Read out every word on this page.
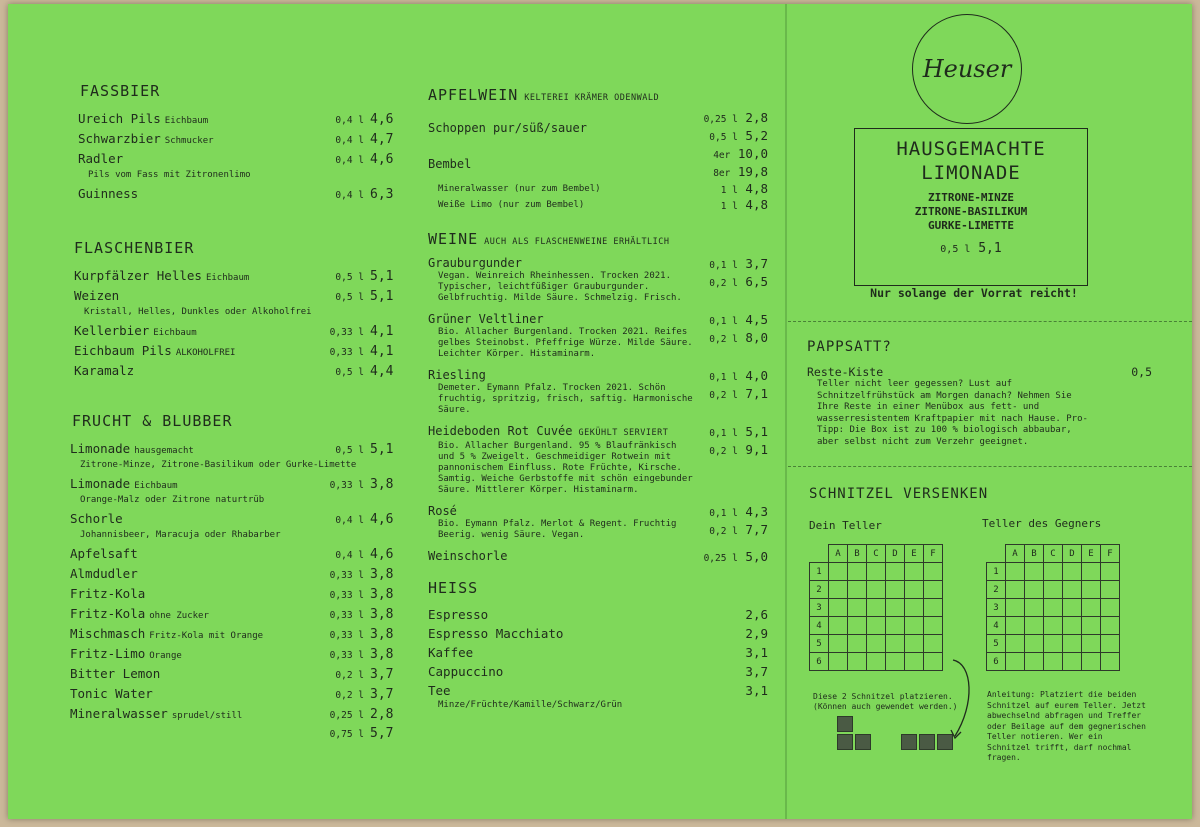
FASSBIER
Ureich Pils Eichbaum	0,4 l 4,6
Schwarzbier Schmucker	0,4 l 4,7
Radler	0,4 l 4,6
Pils vom Fass mit Zitronenlimo
Guinness	0,4 l 6,3
FLASCHENBIER
Kurpfälzer Helles Eichbaum	0,5 l 5,1
Weizen	0,5 l 5,1
Kristall, Helles, Dunkles oder Alkoholfrei
Kellerbier Eichbaum	0,33 l 4,1
Eichbaum Pils ALKOHOLFREI	0,33 l 4,1
Karamalz	0,5 l 4,4
FRUCHT & BLUBBER
Limonade hausgemacht	0,5 l 5,1
Zitrone-Minze, Zitrone-Basilikum oder Gurke-Limette
Limonade Eichbaum	0,33 l 3,8
Orange-Malz oder Zitrone naturtrüb
Schorle	0,4 l 4,6
Johannisbeer, Maracuja oder Rhabarber
Apfelsaft	0,4 l 4,6
Almdudler	0,33 l 3,8
Fritz-Kola	0,33 l 3,8
Fritz-Kola ohne Zucker	0,33 l 3,8
Mischmasch Fritz-Kola mit Orange	0,33 l 3,8
Fritz-Limo Orange	0,33 l 3,8
Bitter Lemon	0,2 l 3,7
Tonic Water	0,2 l 3,7
Mineralwasser sprudel/still	0,25 l 2,8
0,75 l 5,7
APFELWEIN KELTEREI KRÄMER ODENWALD
Schoppen pur/süß/sauer
0,25 l 2,8
0,5 l 5,2
Bembel
4er 10,0
8er 19,8
Mineralwasser (nur zum Bembel)	1 l 4,8
Weiße Limo (nur zum Bembel)	1 l 4,8
WEINE AUCH ALS FLASCHENWEINE ERHÄLTLICH
Grauburgunder
Vegan. Weinreich Rheinhessen. Trocken 2021. Typischer, leichtfüßiger Grauburgunder. Gelbfruchtig. Milde Säure. Schmelzig. Frisch.
0,1 l 3,7
0,2 l 6,5
Grüner Veltliner
Bio. Allacher Burgenland. Trocken 2021. Reifes gelbes Steinobst. Pfeffrige Würze. Milde Säure. Leichter Körper. Histaminarm.
0,1 l 4,5
0,2 l 8,0
Riesling
Demeter. Eymann Pfalz. Trocken 2021. Schön fruchtig, spritzig, frisch, saftig. Harmonische Säure.
0,1 l 4,0
0,2 l 7,1
Heideboden Rot Cuvée GEKÜHLT SERVIERT
Bio. Allacher Burgenland. 95 % Blaufränkisch und 5 % Zweigelt. Geschmeidiger Rotwein mit pannonischem Einfluss. Rote Früchte, Kirsche. Samtig. Weiche Gerbstoffe mit schön eingebunder Säure. Mittlerer Körper. Histaminarm.
0,1 l 5,1
0,2 l 9,1
Rosé
Bio. Eymann Pfalz. Merlot & Regent. Fruchtig Beerig. wenig Säure. Vegan.
0,1 l 4,3
0,2 l 7,7
Weinschorle	0,25 l 5,0
HEISS
Espresso	2,6
Espresso Macchiato	2,9
Kaffee	3,1
Cappuccino	3,7
Tee	3,1
Minze/Früchte/Kamille/Schwarz/Grün
Heuser
HAUSGEMACHTE
LIMONADE
ZITRONE-MINZE
ZITRONE-BASILIKUM
GURKE-LIMETTE
0,5 l 5,1
Nur solange der Vorrat reicht!
PAPPSATT?
Reste-Kiste	0,5
Teller nicht leer gegessen? Lust auf Schnitzelfrühstück am Morgen danach? Nehmen Sie Ihre Reste in einer Menübox aus fett- und wasserresistentem Kraftpapier mit nach Hause. Pro-Tipp: Die Box ist zu 100 % biologisch abbaubar, aber selbst nicht zum Verzehr geeignet.
SCHNITZEL VERSENKEN
Dein Teller	Teller des Gegners
	A	B	C	D	E	F
1						
2						
3						
4						
5						
6						
	A	B	C	D	E	F
1						
2						
3						
4						
5						
6						
Diese 2 Schnitzel platzieren. (Können auch gewendet werden.)
Anleitung: Platziert die beiden Schnitzel auf eurem Teller. Jetzt abwechselnd abfragen und Treffer oder Beilage auf dem gegnerischen Teller notieren. Wer ein Schnitzel trifft, darf nochmal fragen.
